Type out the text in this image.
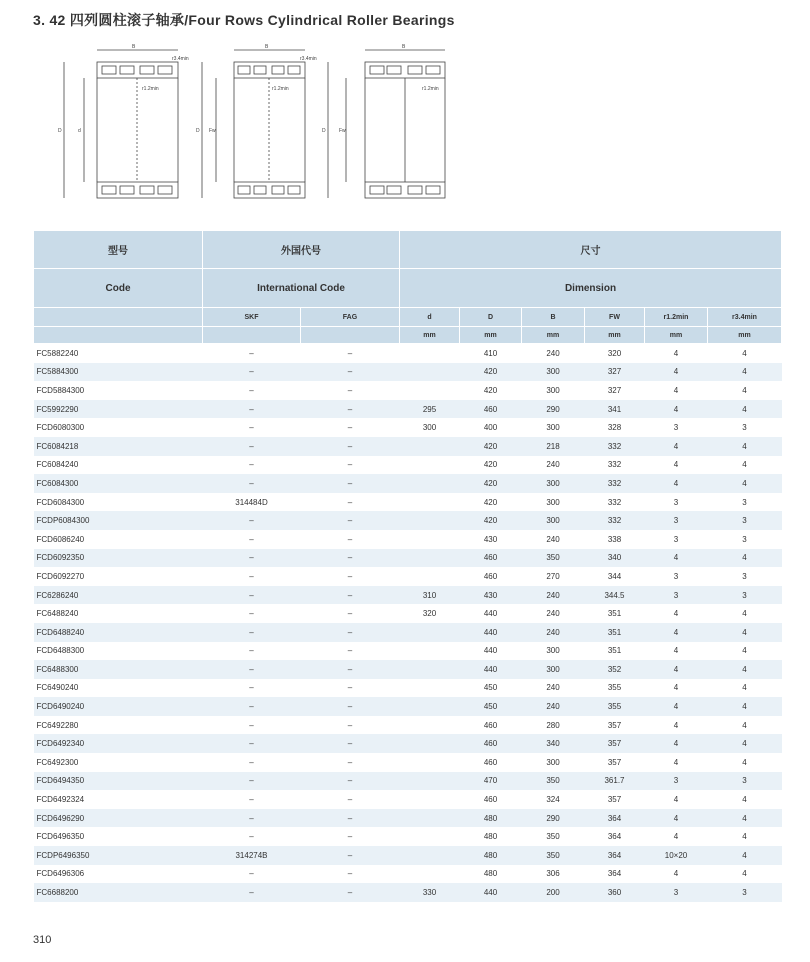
3. 42 四列圆柱滚子轴承/Four Rows Cylindrical Roller Bearings
B
D	d
r1.2min
r3.4min
B
D Fw
r1.2min
r3.4min
B
D	Fw
r1.2min
型号	外国代号		尺寸					
Code	International Code		Dimension					
	SKF	FAG	d	D	B	FW	r1.2min	r3.4min
			mm	mm	mm	mm	mm	mm
FC5882240	–	–		410	240	320	4	4
FC5884300	–	–		420	300	327	4	4
FCD5884300	–	–		420	300	327	4	4
FC5992290	–	–	295	460	290	341	4	4
FCD6080300	–	–	300	400	300	328	3	3
FC6084218	–	–		420	218	332	4	4
FC6084240	–	–		420	240	332	4	4
FC6084300	–	–		420	300	332	4	4
FCD6084300	314484D	–		420	300	332	3	3
FCDP6084300	–	–		420	300	332	3	3
FCD6086240	–	–		430	240	338	3	3
FCD6092350	–	–		460	350	340	4	4
FCD6092270	–	–		460	270	344	3	3
FC6286240	–	–	310	430	240	344.5	3	3
FC6488240	–	–	320	440	240	351	4	4
FCD6488240	–	–		440	240	351	4	4
FCD6488300	–	–		440	300	351	4	4
FC6488300	–	–		440	300	352	4	4
FC6490240	–	–		450	240	355	4	4
FCD6490240	–	–		450	240	355	4	4
FC6492280	–	–		460	280	357	4	4
FCD6492340	–	–		460	340	357	4	4
FC6492300	–	–		460	300	357	4	4
FCD6494350	–	–		470	350	361.7	3	3
FCD6492324	–	–		460	324	357	4	4
FCD6496290	–	–		480	290	364	4	4
FCD6496350	–	–		480	350	364	4	4
FCDP6496350	314274B	–		480	350	364	10×20	4
FCD6496306	–	–		480	306	364	4	4
FC6688200	–	–	330	440	200	360	3	3
310
